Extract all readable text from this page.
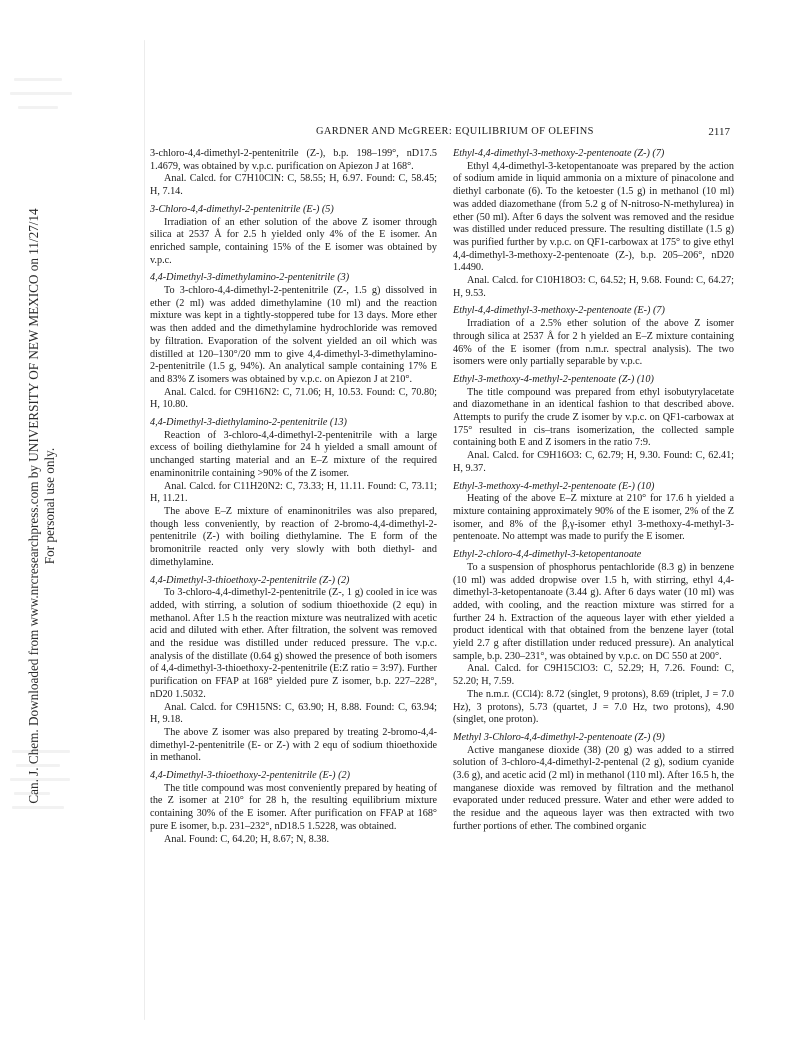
Can. J. Chem. Downloaded from www.nrcresearchpress.com by UNIVERSITY OF NEW MEXICO on 11/27/14 For personal use only.
GARDNER AND McGREER: EQUILIBRIUM OF OLEFINS	2117

3-chloro-4,4-dimethyl-2-pentenitrile (Z-), b.p. 198–199°, nD17.5 1.4679, was obtained by v.p.c. purification on Apiezon J at 168°.

Anal. Calcd. for C7H10ClN: C, 58.55; H, 6.97. Found: C, 58.45; H, 7.14.

3-Chloro-4,4-dimethyl-2-pentenitrile (E-) (5)

Irradiation of an ether solution of the above Z isomer through silica at 2537 Å for 2.5 h yielded only 4% of the E isomer. An enriched sample, containing 15% of the E isomer was obtained by v.p.c.

4,4-Dimethyl-3-dimethylamino-2-pentenitrile (3)

To 3-chloro-4,4-dimethyl-2-pentenitrile (Z-, 1.5 g) dissolved in ether (2 ml) was added dimethylamine (10 ml) and the reaction mixture was kept in a tightly-stoppered tube for 13 days. More ether was then added and the dimethylamine hydrochloride was removed by filtration. Evaporation of the solvent yielded an oil which was distilled at 120–130°/20 mm to give 4,4-dimethyl-3-dimethylamino-2-pentenitrile (1.5 g, 94%). An analytical sample containing 17% E and 83% Z isomers was obtained by v.p.c. on Apiezon J at 210°.

Anal. Calcd. for C9H16N2: C, 71.06; H, 10.53. Found: C, 70.80; H, 10.80.

4,4-Dimethyl-3-diethylamino-2-pentenitrile (13)

Reaction of 3-chloro-4,4-dimethyl-2-pentenitrile with a large excess of boiling diethylamine for 24 h yielded a small amount of unchanged starting material and an E–Z mixture of the required enaminonitrile containing >90% of the Z isomer.

Anal. Calcd. for C11H20N2: C, 73.33; H, 11.11. Found: C, 73.11; H, 11.21.

The above E–Z mixture of enaminonitriles was also prepared, though less conveniently, by reaction of 2-bromo-4,4-dimethyl-2-pentenitrile (Z-) with boiling diethylamine. The E form of the bromonitrile reacted only very slowly with both diethyl- and dimethylamine.

4,4-Dimethyl-3-thioethoxy-2-pentenitrile (Z-) (2)

To 3-chloro-4,4-dimethyl-2-pentenitrile (Z-, 1 g) cooled in ice was added, with stirring, a solution of sodium thioethoxide (2 equ) in methanol. After 1.5 h the reaction mixture was neutralized with acetic acid and diluted with ether. After filtration, the solvent was removed and the residue was distilled under reduced pressure. The v.p.c. analysis of the distillate (0.64 g) showed the presence of both isomers of 4,4-dimethyl-3-thioethoxy-2-pentenitrile (E:Z ratio = 3:97). Further purification on FFAP at 168° yielded pure Z isomer, b.p. 227–228°, nD20 1.5032.

Anal. Calcd. for C9H15NS: C, 63.90; H, 8.88. Found: C, 63.94; H, 9.18.

The above Z isomer was also prepared by treating 2-bromo-4,4-dimethyl-2-pentenitrile (E- or Z-) with 2 equ of sodium thioethoxide in methanol.

4,4-Dimethyl-3-thioethoxy-2-pentenitrile (E-) (2)

The title compound was most conveniently prepared by heating of the Z isomer at 210° for 28 h, the resulting equilibrium mixture containing 30% of the E isomer. After purification on FFAP at 168° pure E isomer, b.p. 231–232°, nD18.5 1.5228, was obtained.

Anal. Found: C, 64.20; H, 8.67; N, 8.38.

Ethyl-4,4-dimethyl-3-methoxy-2-pentenoate (Z-) (7)

Ethyl 4,4-dimethyl-3-ketopentanoate was prepared by the action of sodium amide in liquid ammonia on a mixture of pinacolone and diethyl carbonate (6). To the ketoester (1.5 g) in methanol (10 ml) was added diazomethane (from 5.2 g of N-nitroso-N-methylurea) in ether (50 ml). After 6 days the solvent was removed and the residue was distilled under reduced pressure. The resulting distillate (1.5 g) was purified further by v.p.c. on QF1-carbowax at 175° to give ethyl 4,4-dimethyl-3-methoxy-2-pentenoate (Z-), b.p. 205–206°, nD20 1.4490.

Anal. Calcd. for C10H18O3: C, 64.52; H, 9.68. Found: C, 64.27; H, 9.53.

Ethyl-4,4-dimethyl-3-methoxy-2-pentenoate (E-) (7)

Irradiation of a 2.5% ether solution of the above Z isomer through silica at 2537 Å for 2 h yielded an E–Z mixture containing 46% of the E isomer (from n.m.r. spectral analysis). The two isomers were only partially separable by v.p.c.

Ethyl-3-methoxy-4-methyl-2-pentenoate (Z-) (10)

The title compound was prepared from ethyl isobutyrylacetate and diazomethane in an identical fashion to that described above. Attempts to purify the crude Z isomer by v.p.c. on QF1-carbowax at 175° resulted in cis–trans isomerization, the collected sample containing both E and Z isomers in the ratio 7:9.

Anal. Calcd. for C9H16O3: C, 62.79; H, 9.30. Found: C, 62.41; H, 9.37.

Ethyl-3-methoxy-4-methyl-2-pentenoate (E-) (10)

Heating of the above E–Z mixture at 210° for 17.6 h yielded a mixture containing approximately 90% of the E isomer, 2% of the Z isomer, and 8% of the β,γ-isomer ethyl 3-methoxy-4-methyl-3-pentenoate. No attempt was made to purify the E isomer.

Ethyl-2-chloro-4,4-dimethyl-3-ketopentanoate

To a suspension of phosphorus pentachloride (8.3 g) in benzene (10 ml) was added dropwise over 1.5 h, with stirring, ethyl 4,4-dimethyl-3-ketopentanoate (3.44 g). After 6 days water (10 ml) was added, with cooling, and the reaction mixture was stirred for a further 24 h. Extraction of the aqueous layer with ether yielded a product identical with that obtained from the benzene layer (total yield 2.7 g after distillation under reduced pressure). An analytical sample, b.p. 230–231°, was obtained by v.p.c. on DC 550 at 200°.

Anal. Calcd. for C9H15ClO3: C, 52.29; H, 7.26. Found: C, 52.20; H, 7.59.

The n.m.r. (CCl4): 8.72 (singlet, 9 protons), 8.69 (triplet, J = 7.0 Hz), 3 protons), 5.73 (quartet, J = 7.0 Hz, two protons), 4.90 (singlet, one proton).

Methyl 3-Chloro-4,4-dimethyl-2-pentenoate (Z-) (9)

Active manganese dioxide (38) (20 g) was added to a stirred solution of 3-chloro-4,4-dimethyl-2-pentenal (2 g), sodium cyanide (3.6 g), and acetic acid (2 ml) in methanol (110 ml). After 16.5 h, the manganese dioxide was removed by filtration and the methanol evaporated under reduced pressure. Water and ether were added to the residue and the aqueous layer was then extracted with two further portions of ether. The combined organic
